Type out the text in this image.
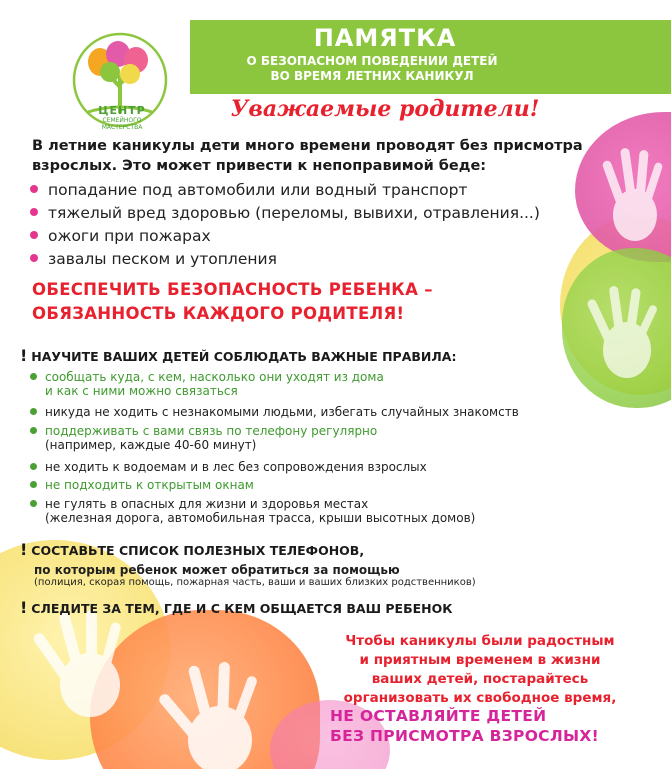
ЦЕНТР
СЕМЕЙНОГО
МАСТЕРСТВА
ПАМЯТКА
О БЕЗОПАСНОМ ПОВЕДЕНИИ ДЕТЕЙ
ВО ВРЕМЯ ЛЕТНИХ КАНИКУЛ
Уважаемые родители!
В летние каникулы дети много времени проводят без присмотра взрослых. Это может привести к непоправимой беде:
попадание под автомобили или водный транспорт
тяжелый вред здоровью (переломы, вывихи, отравления...)
ожоги при пожарах
завалы песком и утопления
ОБЕСПЕЧИТЬ БЕЗОПАСНОСТЬ РЕБЕНКА –
ОБЯЗАННОСТЬ КАЖДОГО РОДИТЕЛЯ!
! НАУЧИТЕ ВАШИХ ДЕТЕЙ СОБЛЮДАТЬ ВАЖНЫЕ ПРАВИЛА:
сообщать куда, с кем, насколько они уходят из дома
и как с ними можно связаться
никуда не ходить с незнакомыми людьми, избегать случайных знакомств
поддерживать с вами связь по телефону регулярно
(например, каждые 40-60 минут)
не ходить к водоемам и в лес без сопровождения взрослых
не подходить к открытым окнам
не гулять в опасных для жизни и здоровья местах
(железная дорога, автомобильная трасса, крыши высотных домов)
! СОСТАВЬТЕ СПИСОК ПОЛЕЗНЫХ ТЕЛЕФОНОВ,
по которым ребенок может обратиться за помощью
(полиция, скорая помощь, пожарная часть, ваши и ваших близких родственников)
! СЛЕДИТЕ ЗА ТЕМ, ГДЕ И С КЕМ ОБЩАЕТСЯ ВАШ РЕБЕНОК
Чтобы каникулы были радостным
и приятным временем в жизни
ваших детей, постарайтесь
организовать их свободное время,
НЕ ОСТАВЛЯЙТЕ ДЕТЕЙ
БЕЗ ПРИСМОТРА ВЗРОСЛЫХ!
